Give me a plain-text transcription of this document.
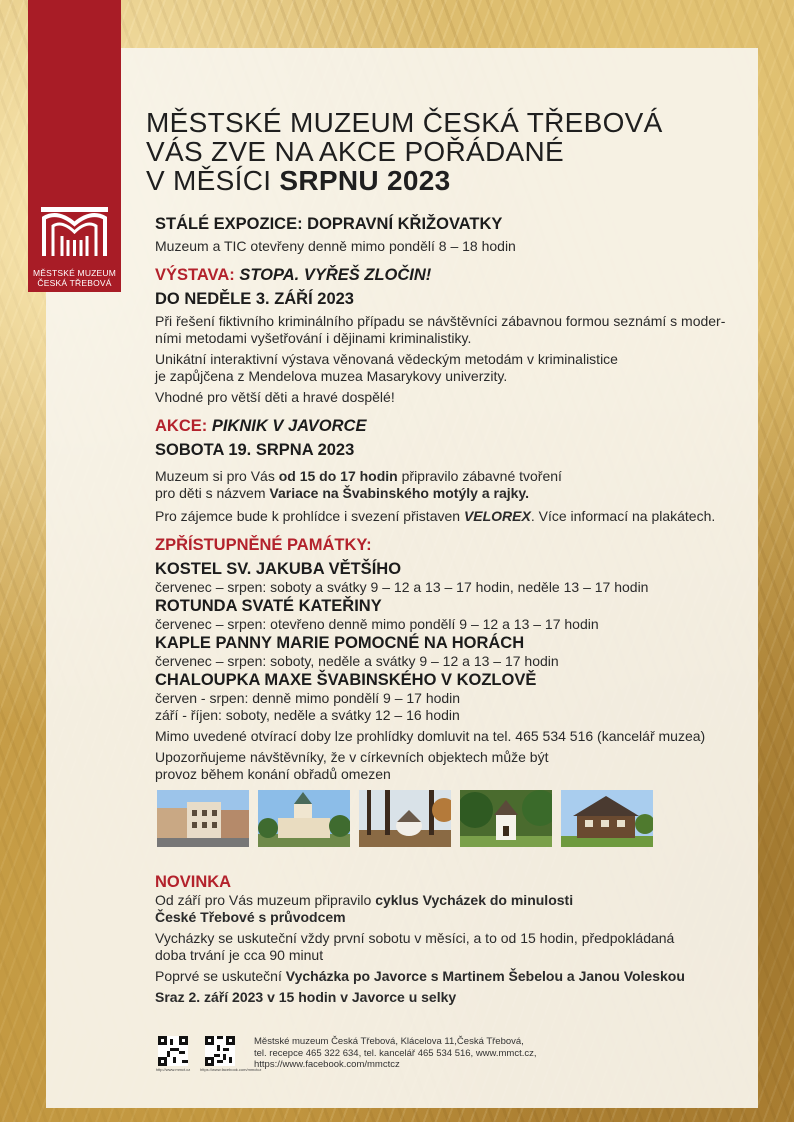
MĚSTSKÉ MUZEUM
ČESKÁ TŘEBOVÁ
MĚSTSKÉ MUZEUM ČESKÁ TŘEBOVÁ
VÁS ZVE NA AKCE POŘÁDANÉ
V MĚSÍCI SRPNU 2023
STÁLÉ EXPOZICE: DOPRAVNÍ KŘIŽOVATKY
Muzeum a TIC otevřeny denně mimo pondělí 8 – 18 hodin
VÝSTAVA: STOPA. VYŘEŠ ZLOČIN!
DO NEDĚLE 3. ZÁŘÍ 2023
Při řešení fiktivního kriminálního případu se návštěvníci zábavnou formou seznámí s moder-
ními metodami vyšetřování i dějinami kriminalistiky.
Unikátní interaktivní výstava věnovaná vědeckým metodám v kriminalistice
je zapůjčena z Mendelova muzea Masarykovy univerzity.
Vhodné pro větší děti a hravé dospělé!
AKCE: PIKNIK V JAVORCE
SOBOTA 19. SRPNA 2023
Muzeum si pro Vás od 15 do 17 hodin připravilo zábavné tvoření
pro děti s názvem Variace na Švabinského motýly a rajky.
Pro zájemce bude k prohlídce i svezení přistaven VELOREX. Více informací na plakátech.
ZPŘÍSTUPNĚNÉ PAMÁTKY:
KOSTEL SV. JAKUBA VĚTŠÍHO
červenec – srpen: soboty a svátky 9 – 12 a 13 – 17 hodin, neděle 13 – 17 hodin
ROTUNDA SVATÉ KATEŘINY
červenec – srpen: otevřeno denně mimo pondělí 9 – 12 a 13 – 17 hodin
KAPLE PANNY MARIE POMOCNÉ NA HORÁCH
červenec – srpen: soboty, neděle a svátky 9 – 12 a 13 – 17 hodin
CHALOUPKA MAXE ŠVABINSKÉHO V KOZLOVĚ
červen - srpen: denně mimo pondělí 9 – 17 hodin
září - říjen: soboty, neděle a svátky 12 – 16 hodin
Mimo uvedené otvírací doby lze prohlídky domluvit na tel. 465 534 516 (kancelář muzea)
Upozorňujeme návštěvníky, že v církevních objektech může být
provoz během konání obřadů omezen
NOVINKA
Od září pro Vás muzeum připravilo cyklus Vycházek do minulosti
České Třebové s průvodcem
Vycházky se uskuteční vždy první sobotu v měsíci, a to od 15 hodin, předpokládaná
doba trvání je cca 90 minut
Poprvé se uskuteční Vycházka po Javorce s Martinem Šebelou a Janou Voleskou
Sraz 2. září 2023 v 15 hodin v Javorce u selky
http://www.mmct.cz	https://www.facebook.com/mmctcz
Městské muzeum Česká Třebová, Klácelova 11,Česká Třebová,
tel. recepce 465 322 634, tel. kancelář 465 534 516, www.mmct.cz,
https://www.facebook.com/mmctcz
